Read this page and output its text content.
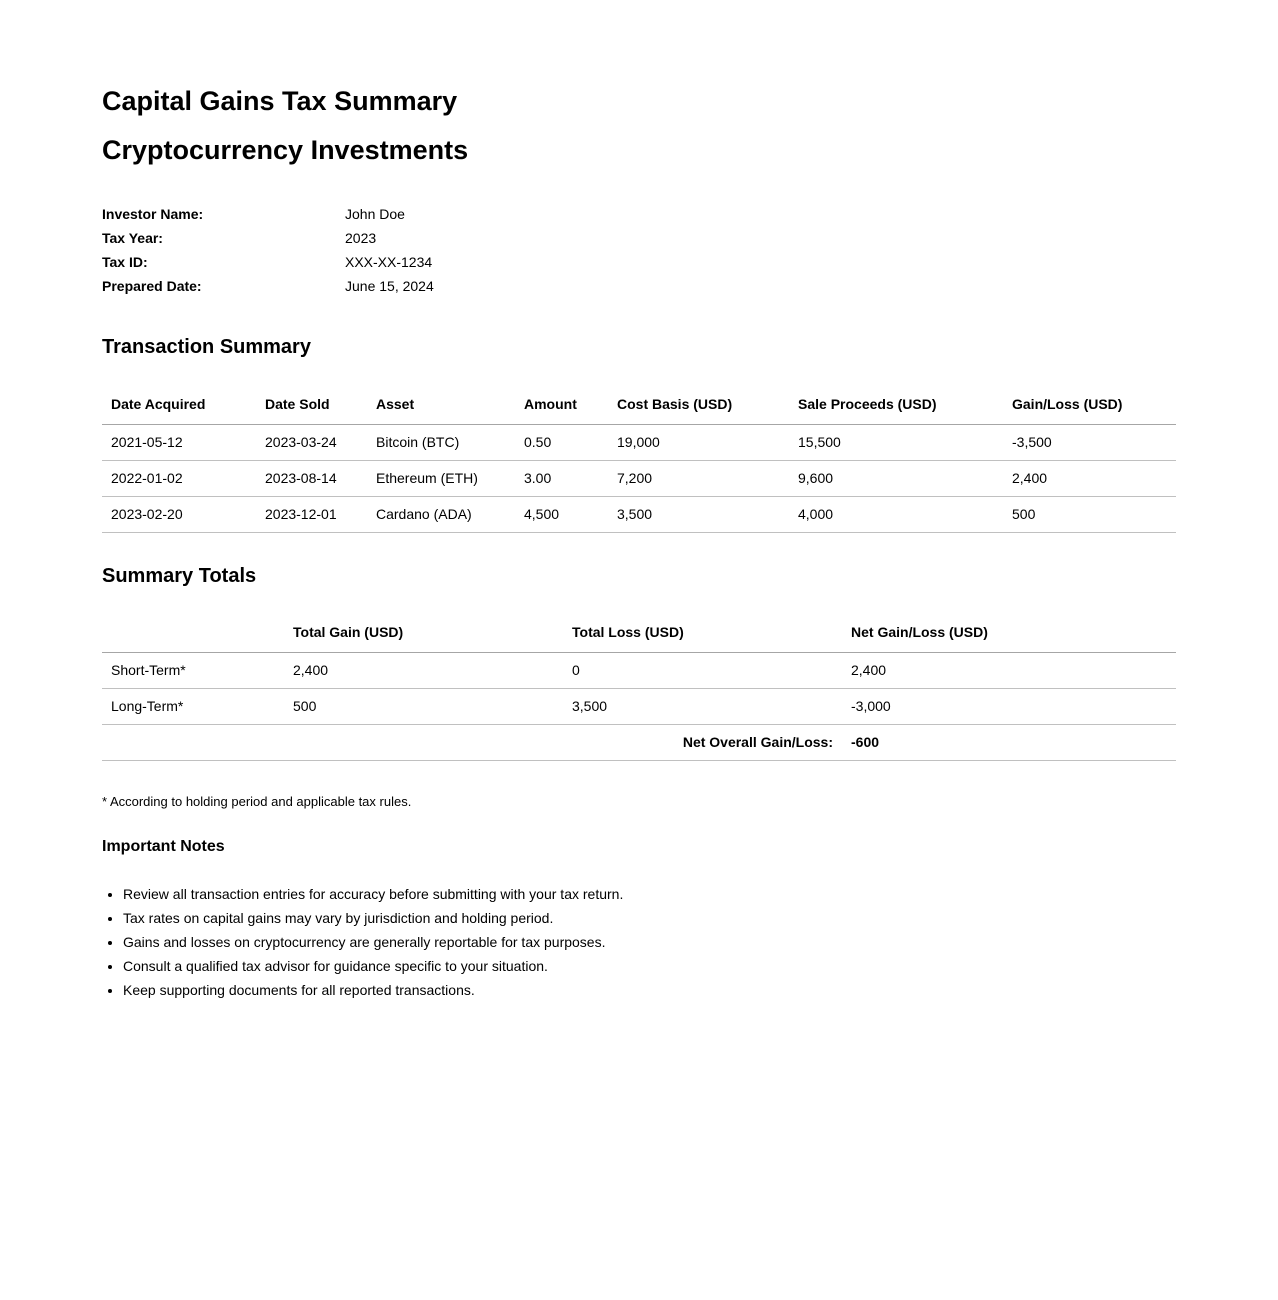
Capital Gains Tax Summary
Cryptocurrency Investments
Investor Name:	John Doe
Tax Year:	2023
Tax ID:	XXX-XX-1234
Prepared Date:	June 15, 2024
Transaction Summary
Date Acquired	Date Sold	Asset	Amount	Cost Basis (USD)	Sale Proceeds (USD)	Gain/Loss (USD)
2021-05-12	2023-03-24	Bitcoin (BTC)	0.50	19,000	15,500	-3,500
2022-01-02	2023-08-14	Ethereum (ETH)	3.00	7,200	9,600	2,400
2023-02-20	2023-12-01	Cardano (ADA)	4,500	3,500	4,000	500
Summary Totals
	Total Gain (USD)	Total Loss (USD)	Net Gain/Loss (USD)
Short-Term*	2,400	0	2,400
Long-Term*	500	3,500	-3,000
Net Overall Gain/Loss:			-600
* According to holding period and applicable tax rules.
Important Notes
• Review all transaction entries for accuracy before submitting with your tax return.
• Tax rates on capital gains may vary by jurisdiction and holding period.
• Gains and losses on cryptocurrency are generally reportable for tax purposes.
• Consult a qualified tax advisor for guidance specific to your situation.
• Keep supporting documents for all reported transactions.
